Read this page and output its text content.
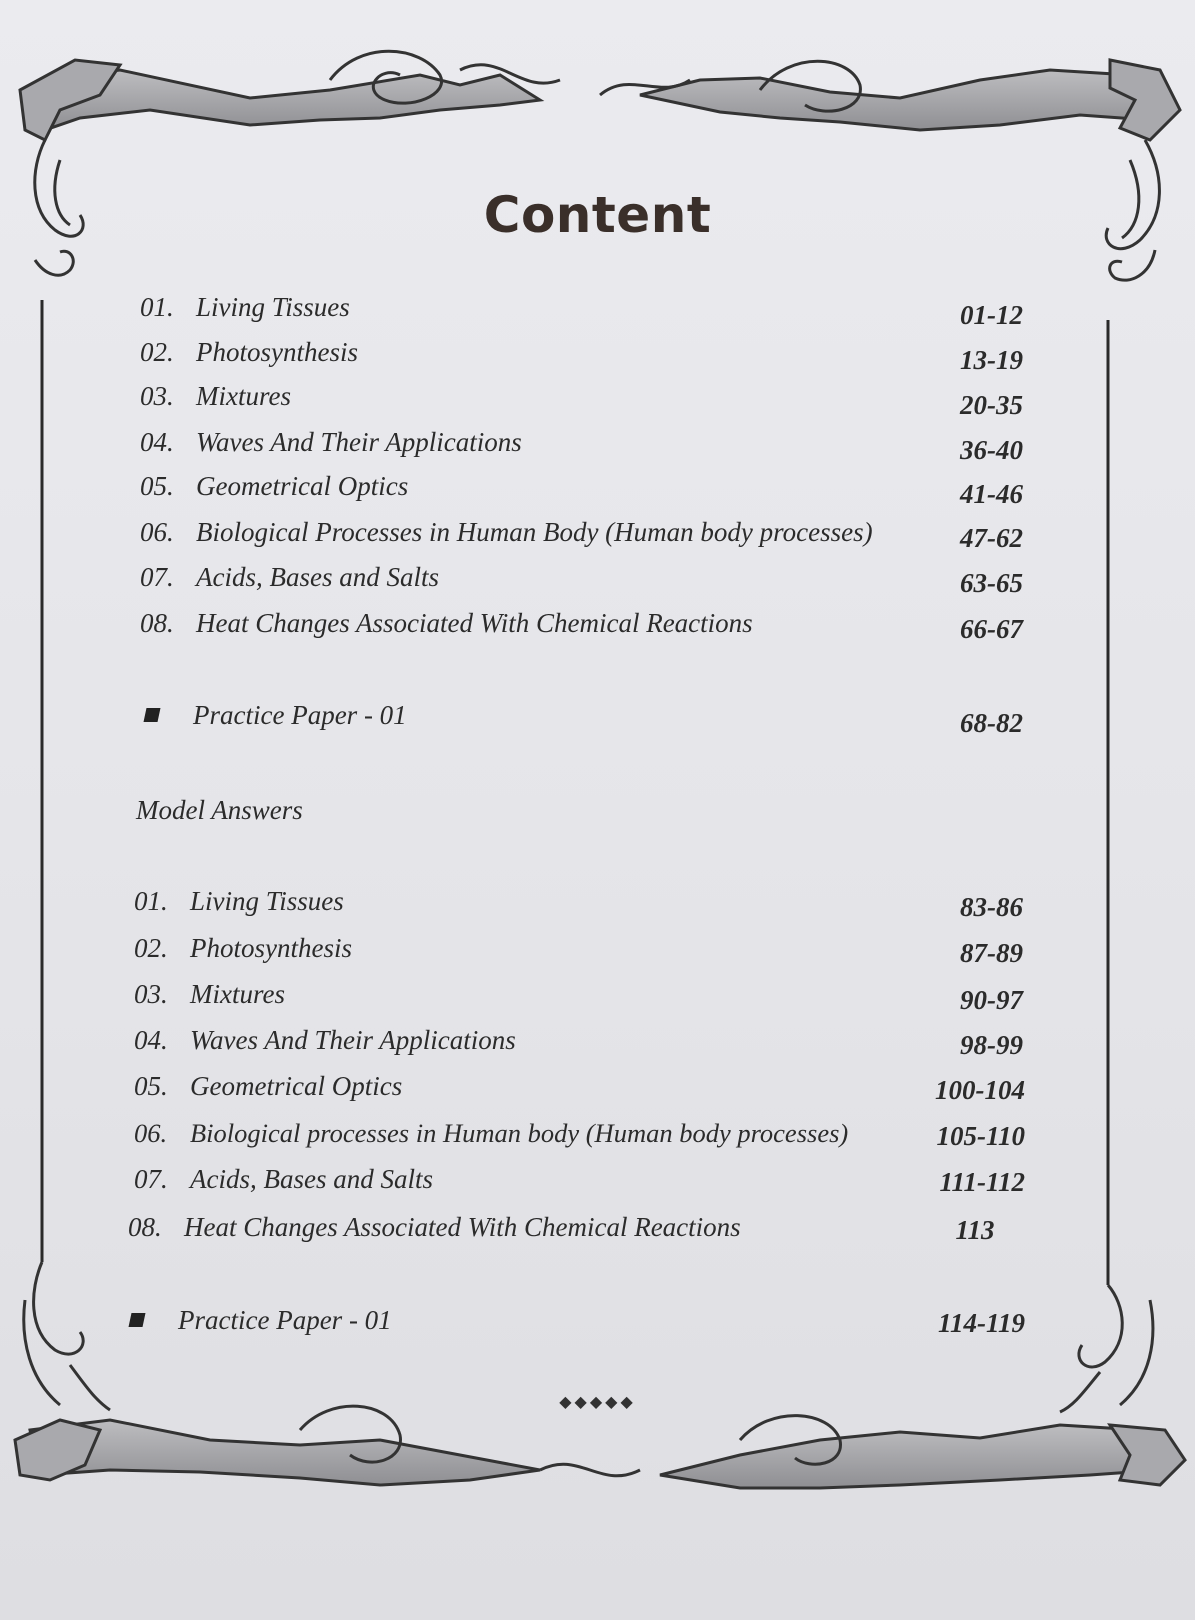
Content
01. Living Tissues	01-12
02. Photosynthesis	13-19
03. Mixtures	20-35
04. Waves And Their Applications	36-40
05. Geometrical Optics	41-46
06. Biological Processes in Human Body (Human body processes)	47-62
07. Acids, Bases and Salts	63-65
08. Heat Changes Associated With Chemical Reactions	66-67
Practice Paper - 01	68-82
Model Answers
01. Living Tissues	83-86
02. Photosynthesis	87-89
03. Mixtures	90-97
04. Waves And Their Applications	98-99
05. Geometrical Optics	100-104
06. Biological processes in Human body (Human body processes)	105-110
07. Acids, Bases and Salts	111-112
08. Heat Changes Associated With Chemical Reactions	113
Practice Paper - 01	114-119
◆◆◆◆◆
